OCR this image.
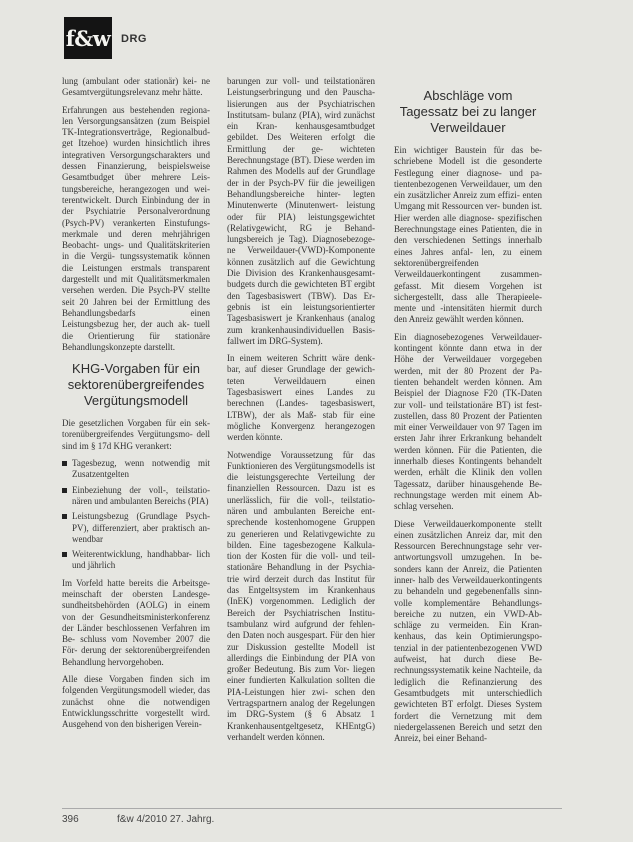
f&w DRG

lung (ambulant oder stationär) kei- ne Gesamtvergütungsrelevanz mehr hätte.

Erfahrungen aus bestehenden regiona- len Versorgungsansätzen (zum Beispiel TK-Integrationsverträge, Regionalbud- get Itzehoe) wurden hinsichtlich ihres integrativen Versorgungscharakters und dessen Finanzierung, beispielsweise Gesamtbudget über mehrere Leis- tungsbereiche, herangezogen und wei- terentwickelt. Durch Einbindung der in der Psychiatrie Personalverordnung (Psych-PV) verankerten Einstufungs- merkmale und deren mehrjährigen Beobacht- ungs- und Qualitätskriterien in die Vergü- tungssystematik können die Leistungen erstmals transparent dargestellt und mit Qualitätsmerkmalen versehen werden. Die Psych-PV stellte seit 20 Jahren bei der Ermittlung des Behandlungsbedarfs einen Leistungsbezug her, der auch ak- tuell die Orientierung für stationäre Behandlungskonzepte darstellt.

KHG-Vorgaben für ein sektorenübergreifendes Vergütungsmodell

Die gesetzlichen Vorgaben für ein sek- torenübergreifendes Vergütungsmo- dell sind im § 17d KHG verankert:

Tagesbezug, wenn notwendig mit Zusatzentgelten
Einbeziehung der voll-, teilstatio- nären und ambulanten Bereichs (PIA)
Leistungsbezug (Grundlage Psych- PV), differenziert, aber praktisch an- wendbar
Weiterentwicklung, handhabbar- lich und jährlich

Im Vorfeld hatte bereits die Arbeitsge- meinschaft der obersten Landesge- sundheitsbehörden (AOLG) in einem von der Gesundheitsministerkonferenz der Länder beschlossenen Verfahren im Be- schluss vom November 2007 die För- derung der sektorenübergreifenden Behandlung hervorgehoben.

Alle diese Vorgaben finden sich im folgenden Vergütungsmodell wieder, das zunächst ohne die notwendigen Entwicklungsschritte vorgestellt wird. Ausgehend von den bisherigen Verein-

barungen zur voll- und teilstationären Leistungserbringung und den Pauscha- lisierungen aus der Psychiatrischen Institutsam- bulanz (PIA), wird zunächst ein Kran- kenhausgesamtbudget gebildet. Des Weiteren erfolgt die Ermittlung der ge- wichteten Berechnungstage (BT). Diese werden im Rahmen des Modells auf der Grundlage der in der Psych-PV für die jeweiligen Behandlungsbereiche hinter- legten Minutenwerte (Minutenwert- leistung oder für PIA) leistungsgewichtet (Relativgewicht, RG je Behand- lungsbereich je Tag). Diagnosebezoge- ne Verweildauer-(VWD)-Komponente können zusätzlich auf die Gewichtung Die Division des Krankenhausgesamt- budgets durch die gewichteten BT ergibt den Tagesbasiswert (TBW). Das Er- gebnis ist ein leistungsorientierter Tagesbasiswert je Krankenhaus (analog zum krankenhausindividuellen Basis- fallwert im DRG-System).

In einem weiteren Schritt wäre denk- bar, auf dieser Grundlage der gewich- teten Verweildauern einen Tagesbasiswert eines Landes zu berechnen (Landes- tagesbasiswert, LTBW), der als Maß- stab für eine mögliche Konvergenz herangezogen werden könnte.

Notwendige Voraussetzung für das Funktionieren des Vergütungsmodells ist die leistungsgerechte Verteilung der finanziellen Ressourcen. Dazu ist es unerlässlich, für die voll-, teilstatio- nären und ambulanten Bereiche ent- sprechende kostenhomogene Gruppen zu generieren und Relativgewichte zu bilden. Eine tagesbezogene Kalkula- tion der Kosten für die voll- und teil- stationäre Behandlung in der Psychia- trie wird derzeit durch das Institut für das Entgeltsystem im Krankenhaus (InEK) vorgenommen. Lediglich der Bereich der Psychiatrischen Institu- tsambulanz wird aufgrund der fehlen- den Daten noch ausgespart. Für den hier zur Diskussion gestellte Modell ist allerdings die Einbindung der PIA von großer Bedeutung. Bis zum Vor- liegen einer fundierten Kalkulation sollten die PIA-Leistungen hier zwi- schen den Vertragspartnern analog der Regelungen im DRG-System (§ 6 Absatz 1 Krankenhausentgeltgesetz, KHEntgG) verhandelt werden können.

Abschläge vom Tagessatz bei zu langer Verweildauer

Ein wichtiger Baustein für das be- schriebene Modell ist die gesonderte Festlegung einer diagnose- und pa- tientenbezogenen Verweildauer, um den ein zusätzlicher Anreiz zum effizi- enten Umgang mit Ressourcen ver- bunden ist. Hier werden alle diagnose- spezifischen Berechnungstage eines Patienten, die in den verschiedenen Settings innerhalb eines Jahres anfal- len, zu einem sektorenübergreifenden Verweildauerkontingent zusammen- gefasst. Mit diesem Vorgehen ist sichergestellt, dass alle Therapieele- mente und -intensitäten hiermit durch den Anreiz gewählt werden können.

Ein diagnosebezogenes Verweildauer- kontingent könnte dann etwa in der Höhe der Verweildauer vorgegeben werden, mit der 80 Prozent der Pa- tienten behandelt werden können. Am Beispiel der Diagnose F20 (TK-Daten zur voll- und teilstationäre BT) ist fest- zustellen, dass 80 Prozent der Patienten mit einer Verweildauer von 97 Tagen im ersten Jahr ihrer Erkrankung behandelt werden können. Für die Patienten, die innerhalb dieses Kontingents behandelt werden, erhält die Klinik den vollen Tagessatz, darüber hinausgehende Be- rechnungstage werden mit einem Ab- schlag versehen.

Diese Verweildauerkomponente stellt einen zusätzlichen Anreiz dar, mit den Ressourcen Berechnungstage sehr ver- antwortungsvoll umzugehen. In be- sonders kann der Anreiz, die Patienten inner- halb des Verweildauerkontingents zu behandeln und gegebenenfalls sinn- volle komplementäre Behandlungs- bereiche zu nutzen, ein VWD-Ab- schläge zu vermeiden. Ein Kran- kenhaus, das kein Optimierungspo- tenzial in der patientenbezogenen VWD aufweist, hat durch diese Be- rechnungssystematik keine Nachteile, da lediglich die Refinanzierung des Gesamtbudgets mit unterschiedlich gewichteten BT erfolgt. Dieses System fordert die Vernetzung mit dem niedergelassenen Bereich und setzt den Anreiz, bei einer Behand-

396	f&w 4/2010 27. Jahrg.
